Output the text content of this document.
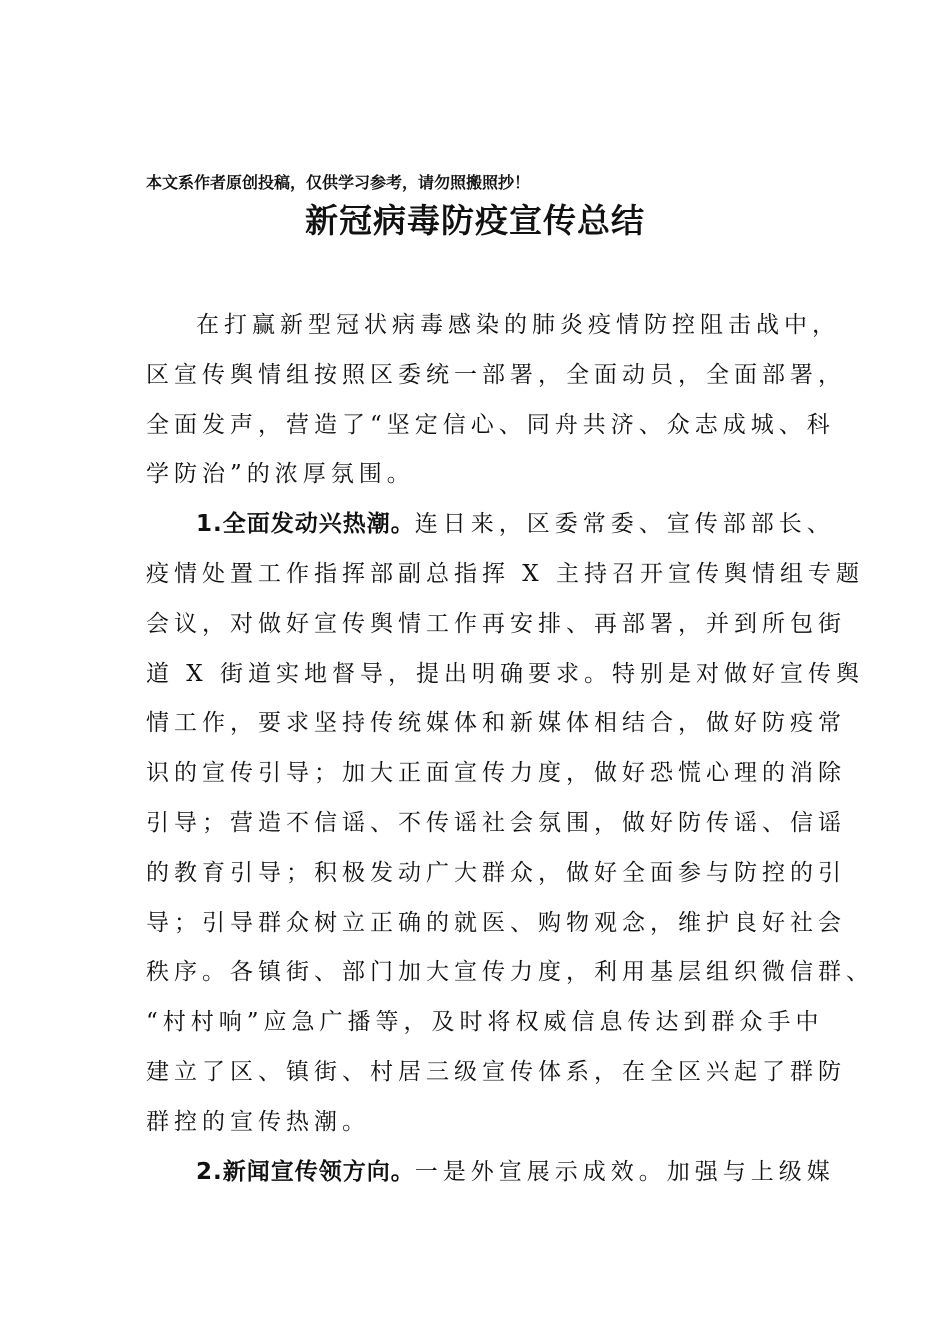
本文系作者原创投稿，仅供学习参考，请勿照搬照抄！
新冠病毒防疫宣传总结
在打赢新型冠状病毒感染的肺炎疫情防控阻击战中，
区宣传舆情组按照区委统一部署，全面动员，全面部署，
全面发声，营造了“坚定信心、同舟共济、众志成城、科
学防治”的浓厚氛围。
1.全面发动兴热潮。连日来，区委常委、宣传部部长、
疫情处置工作指挥部副总指挥 X 主持召开宣传舆情组专题
会议，对做好宣传舆情工作再安排、再部署，并到所包街
道 X 街道实地督导，提出明确要求。特别是对做好宣传舆
情工作，要求坚持传统媒体和新媒体相结合，做好防疫常
识的宣传引导；加大正面宣传力度，做好恐慌心理的消除
引导；营造不信谣、不传谣社会氛围，做好防传谣、信谣
的教育引导；积极发动广大群众，做好全面参与防控的引
导；引导群众树立正确的就医、购物观念，维护良好社会
秩序。各镇街、部门加大宣传力度，利用基层组织微信群、
“村村响”应急广播等，及时将权威信息传达到群众手中
建立了区、镇街、村居三级宣传体系，在全区兴起了群防
群控的宣传热潮。
2.新闻宣传领方向。一是外宣展示成效。加强与上级媒
